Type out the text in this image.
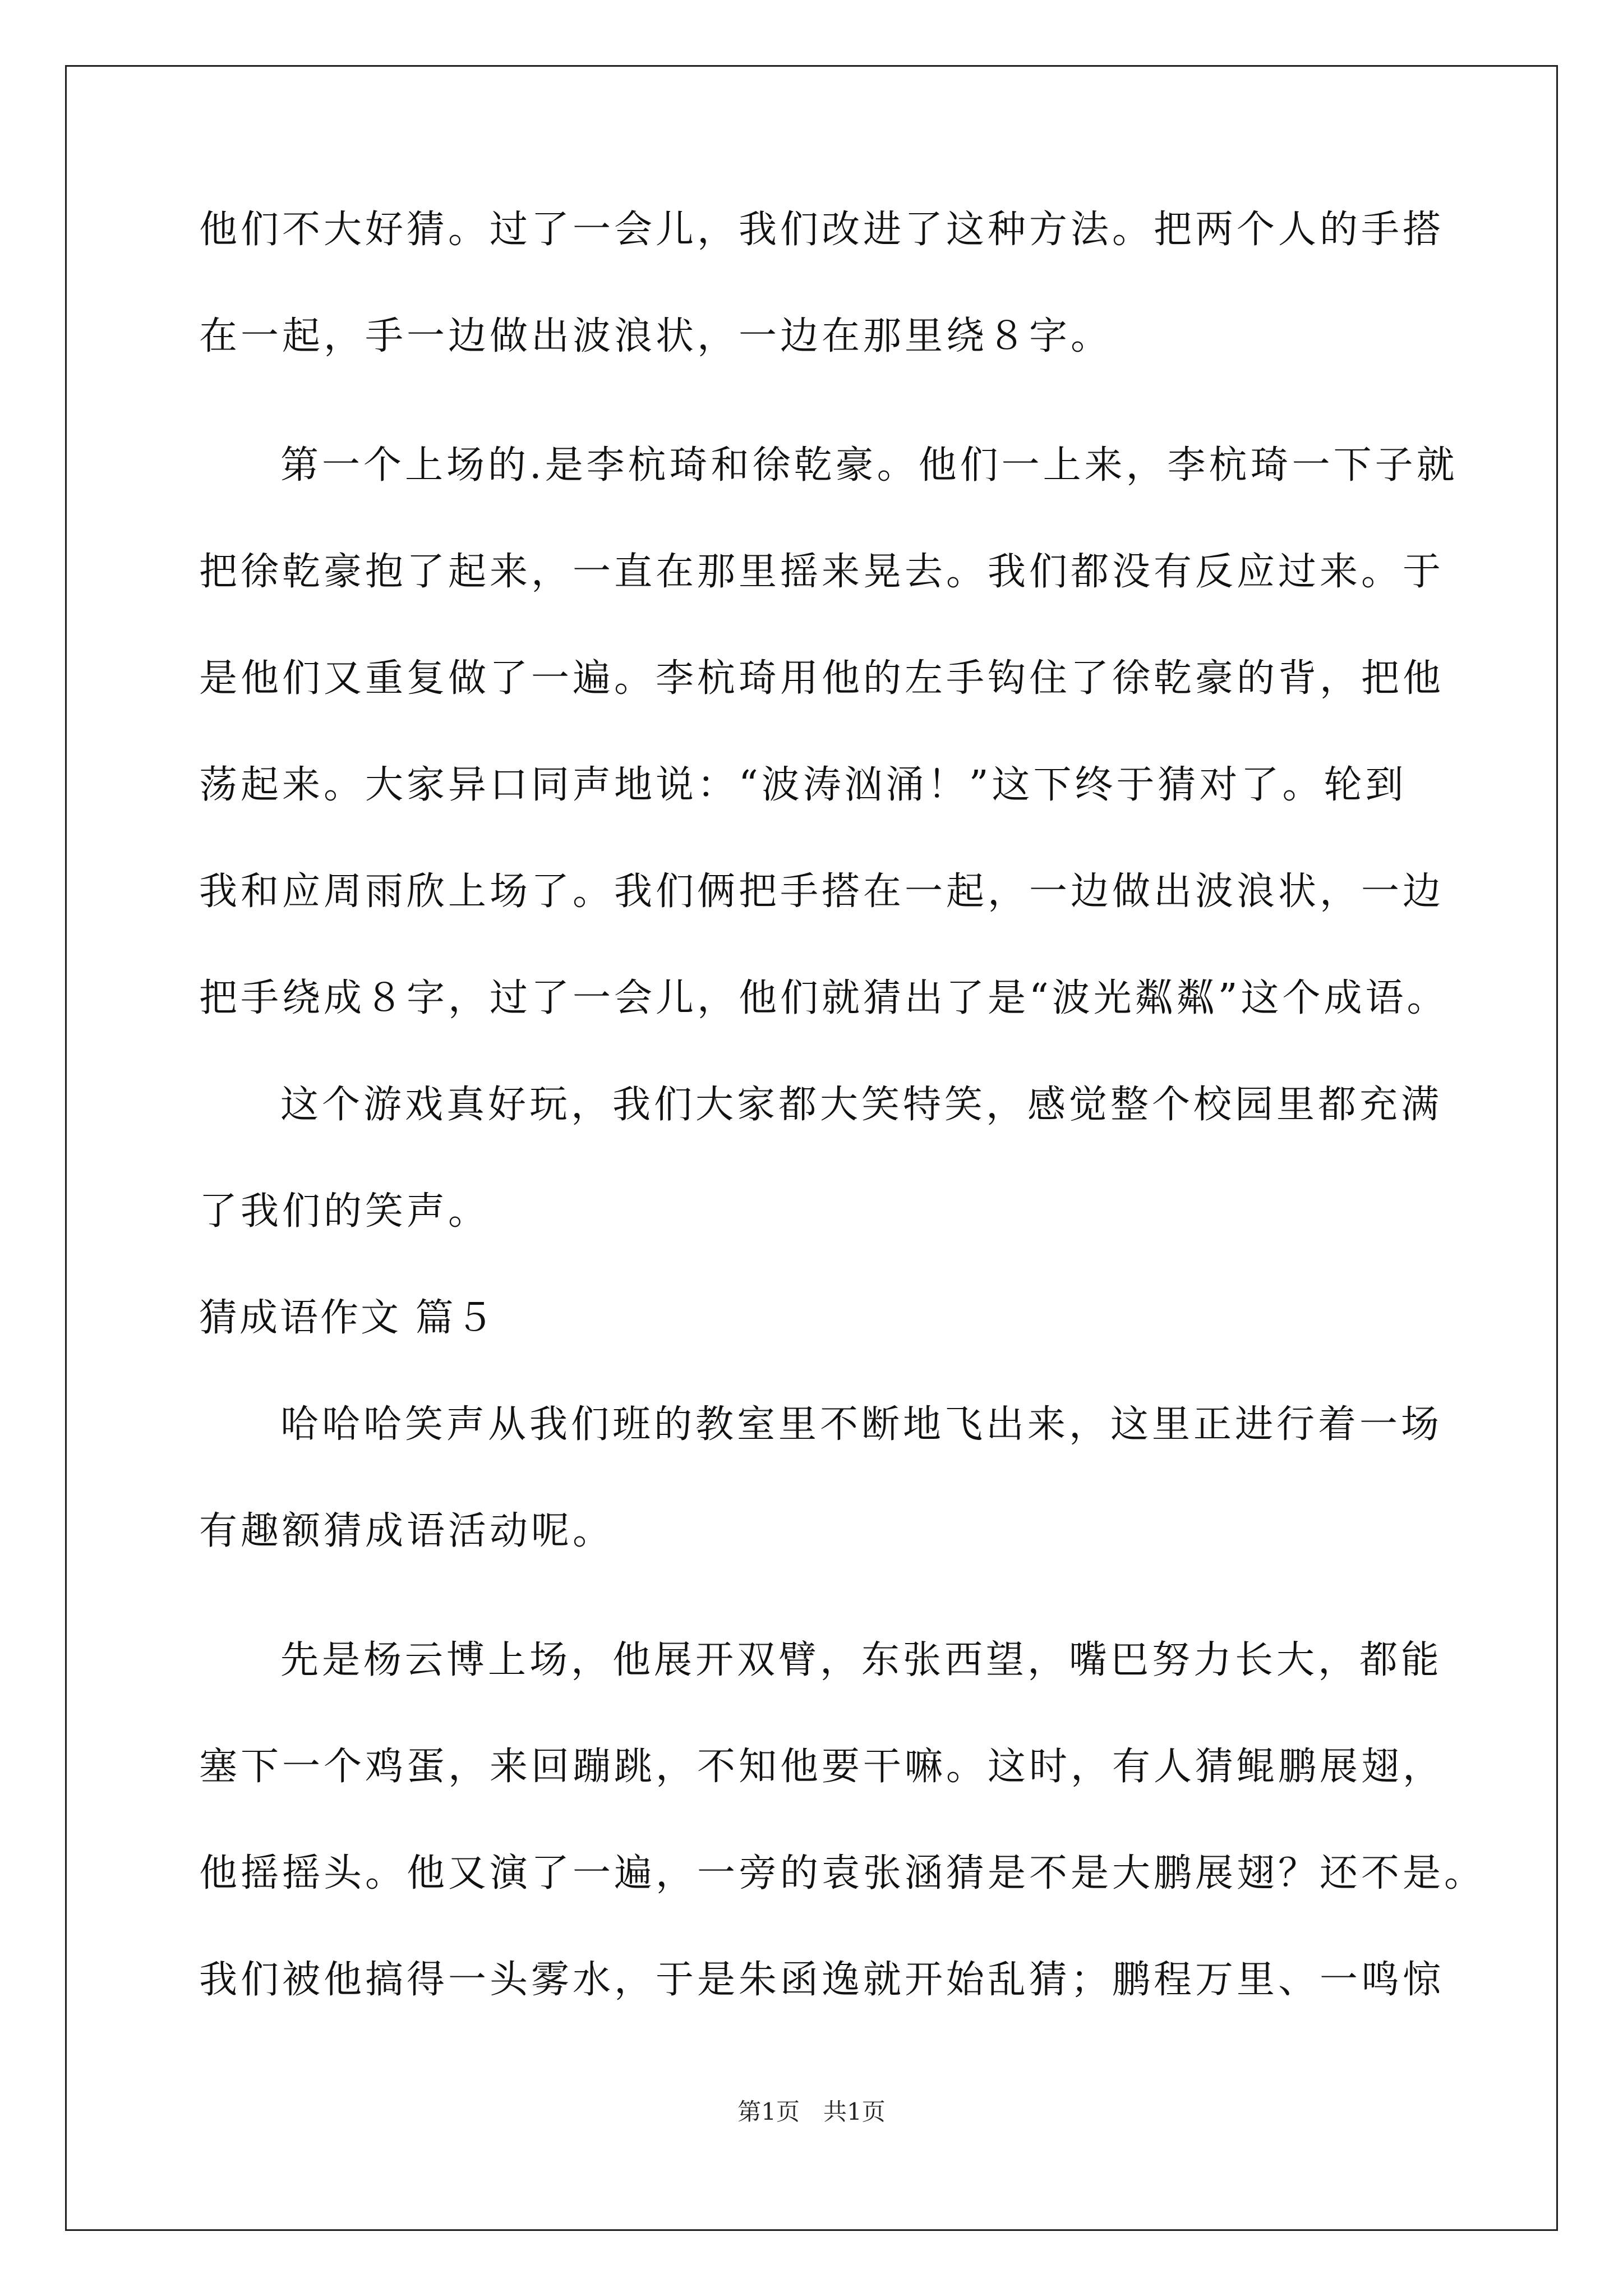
他们不大好猜。过了一会儿，我们改进了这种方法。把两个人的手搭
在一起，手一边做出波浪状，一边在那里绕８字。
第一个上场的.是李杭琦和徐乾豪。他们一上来，李杭琦一下子就
把徐乾豪抱了起来，一直在那里摇来晃去。我们都没有反应过来。于
是他们又重复做了一遍。李杭琦用他的左手钩住了徐乾豪的背，把他
荡起来。大家异口同声地说：“波涛汹涌！”这下终于猜对了。轮到
我和应周雨欣上场了。我们俩把手搭在一起，一边做出波浪状，一边
把手绕成８字，过了一会儿，他们就猜出了是“波光粼粼”这个成语。
这个游戏真好玩，我们大家都大笑特笑，感觉整个校园里都充满
了我们的笑声。
猜成语作文 篇５
哈哈哈笑声从我们班的教室里不断地飞出来，这里正进行着一场
有趣额猜成语活动呢。
先是杨云博上场，他展开双臂，东张西望，嘴巴努力长大，都能
塞下一个鸡蛋，来回蹦跳，不知他要干嘛。这时，有人猜鲲鹏展翅，
他摇摇头。他又演了一遍，一旁的袁张涵猜是不是大鹏展翅？还不是。
我们被他搞得一头雾水，于是朱函逸就开始乱猜；鹏程万里、一鸣惊
第1页　共1页
